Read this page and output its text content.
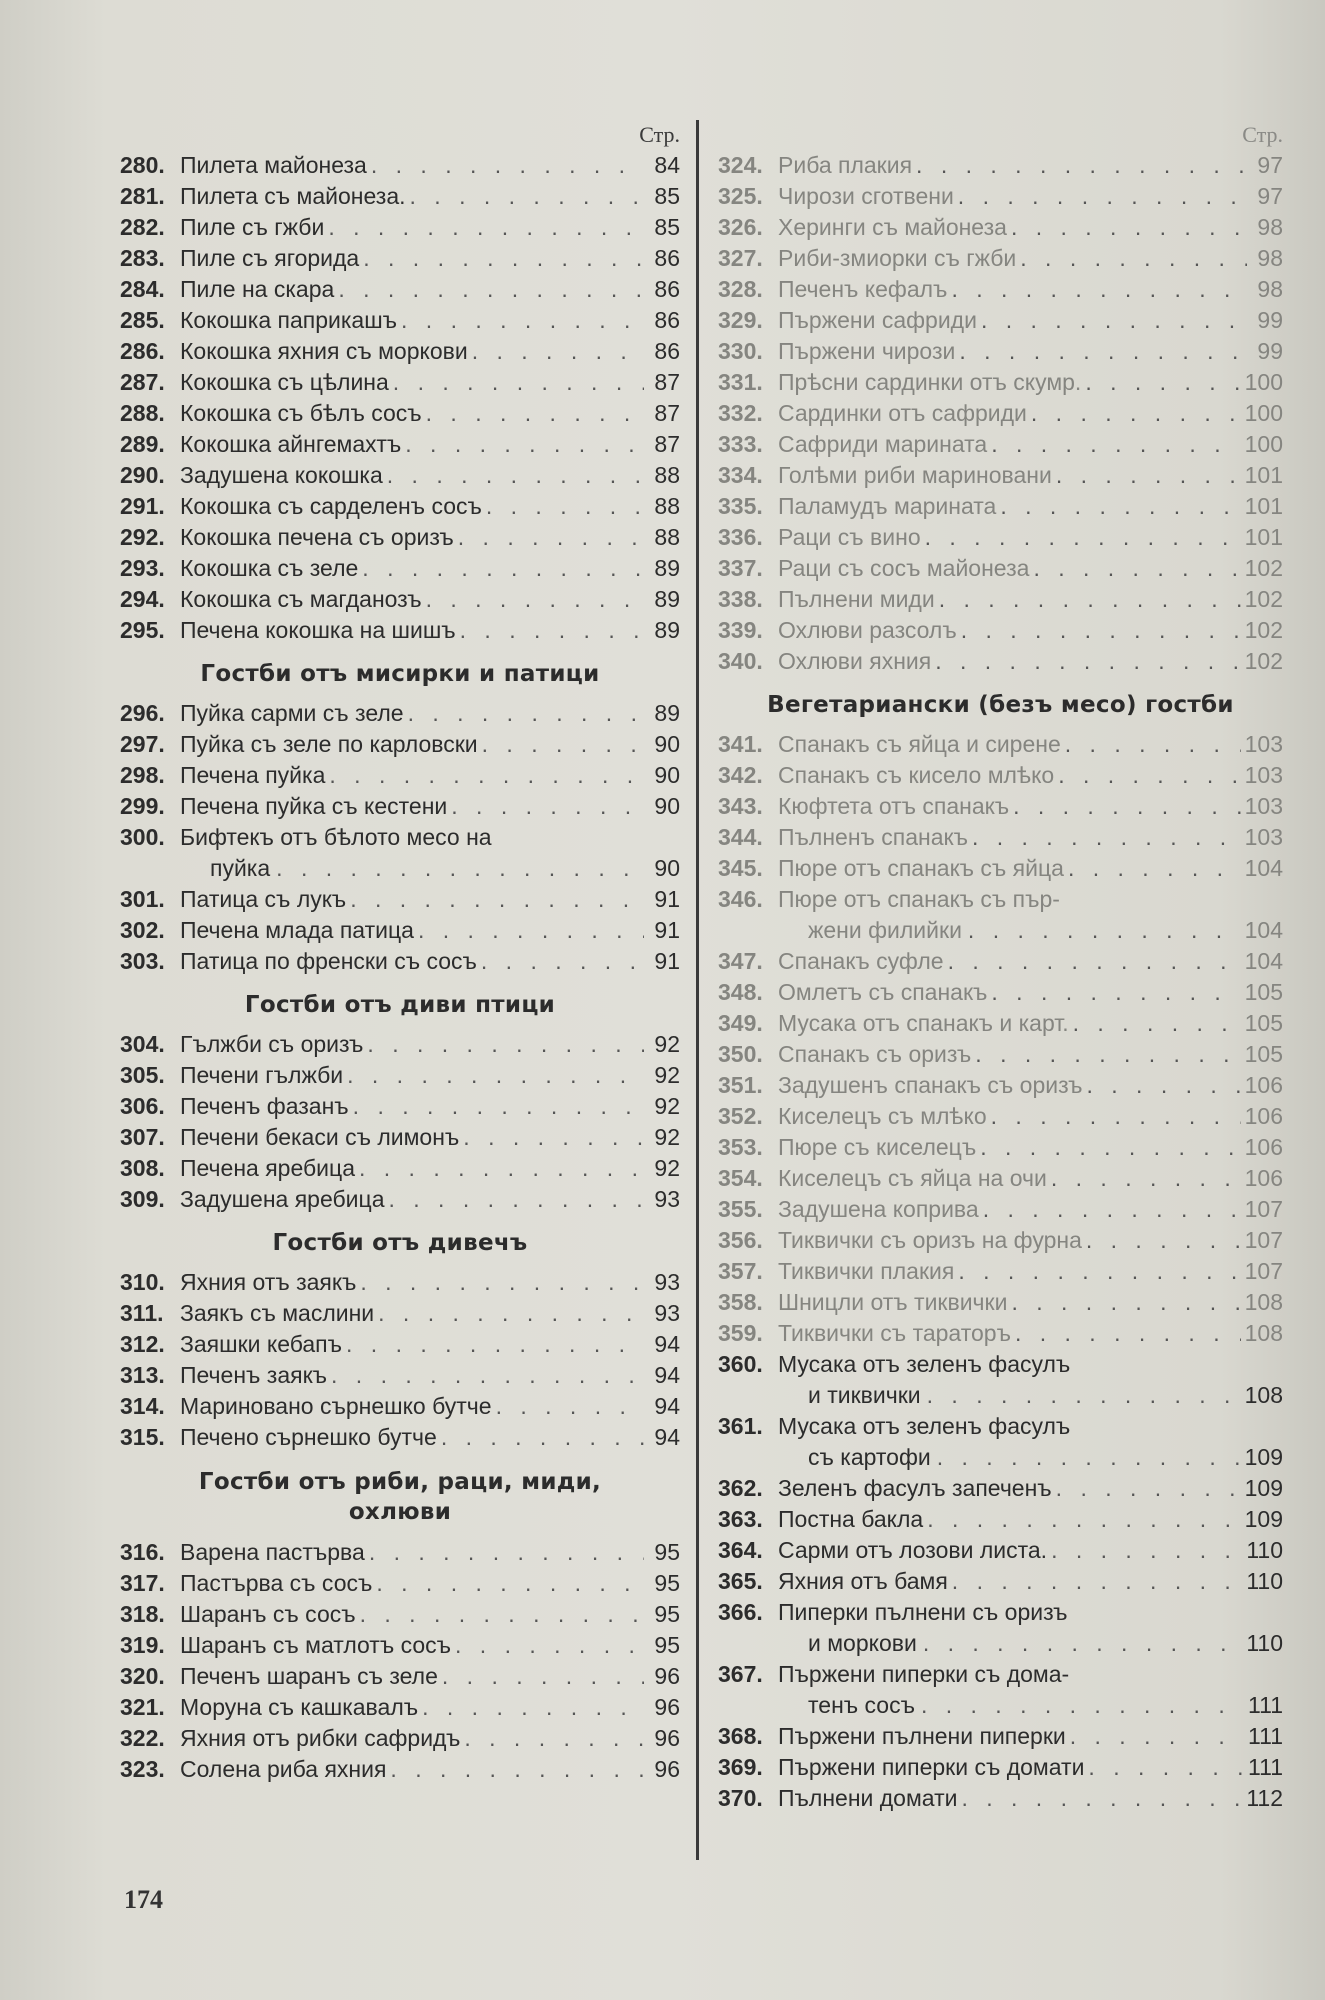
Стр.
280. Пилета майонеза . . .	84
281. Пилета съ майонеза. . . .	85
282. Пиле съ гжби . . .	85
283. Пиле съ ягорида . . .	86
284. Пиле на скара . . .	86
285. Кокошка паприкашъ . . .	86
286. Кокошка яхния съ моркови . . .	86
287. Кокошка съ цѣлина . . .	87
288. Кокошка съ бѣлъ сосъ . . .	87
289. Кокошка айнгемахтъ . . .	87
290. Задушена кокошка . . .	88
291. Кокошка съ сарделенъ сосъ . . .	88
292. Кокошка печена съ оризъ . . .	88
293. Кокошка съ зеле . . .	89
294. Кокошка съ магданозъ . . .	89
295. Печена кокошка на шишъ . . .	89
Гостби отъ мисирки и патици
296. Пуйка сарми съ зеле . . .	89
297. Пуйка съ зеле по карловски . . .	90
298. Печена пуйка . . .	90
299. Печена пуйка съ кестени . . .	90
300. Бифтекъ отъ бѣлото месо на
пуйка . . .	90
301. Патица съ лукъ . . .	91
302. Печена млада патица . . .	91
303. Патица по френски съ сосъ . . .	91
Гостби отъ диви птици
304. Гължби съ оризъ . . .	92
305. Печени гължби . . .	92
306. Печенъ фазанъ . . .	92
307. Печени бекаси съ лимонъ . . .	92
308. Печена яребица . . .	92
309. Задушена яребица . . .	93
Гостби отъ дивечъ
310. Яхния отъ заякъ . . .	93
311. Заякъ съ маслини . . .	93
312. Заяшки кебапъ . . .	94
313. Печенъ заякъ . . .	94
314. Мариновано сърнешко бутче . . .	94
315. Печено сърнешко бутче . . .	94
Гостби отъ риби, раци, миди,
охлюви
316. Варена пастърва . . .	95
317. Пастърва съ сосъ . . .	95
318. Шаранъ съ сосъ . . .	95
319. Шаранъ съ матлотъ сосъ . . .	95
320. Печенъ шаранъ съ зеле . . .	96
321. Моруна съ кашкавалъ . . .	96
322. Яхния отъ рибки сафридъ . . .	96
323. Солена риба яхния . . .	96
Стр.
324. Риба плакия . . .	97
325. Чирози сготвени . . .	97
326. Херинги съ майонеза . . .	98
327. Риби-змиорки съ гжби . . .	98
328. Печенъ кефалъ . . .	98
329. Пържени сафриди . . .	99
330. Пържени чирози . . .	99
331. Прѣсни сардинки отъ скумр. . . .	100
332. Сардинки отъ сафриди . . .	100
333. Сафриди марината . . .	100
334. Голѣми риби мариновани . . .	101
335. Паламудъ марината . . .	101
336. Раци съ вино . . .	101
337. Раци съ сосъ майонеза . . .	102
338. Пълнени миди . . .	102
339. Охлюви разсолъ . . .	102
340. Охлюви яхния . . .	102
Вегетариански (безъ месо) гостби
341. Спанакъ съ яйца и сирене . . .	103
342. Спанакъ съ кисело млѣко . . .	103
343. Кюфтета отъ спанакъ . . .	103
344. Пълненъ спанакъ . . .	103
345. Пюре отъ спанакъ съ яйца . . .	104
346. Пюре отъ спанакъ съ пър-
жени филийки . . .	104
347. Спанакъ суфле . . .	104
348. Омлетъ съ спанакъ . . .	105
349. Мусака отъ спанакъ и карт. . . .	105
350. Спанакъ съ оризъ . . .	105
351. Задушенъ спанакъ съ оризъ . . .	106
352. Киселецъ съ млѣко . . .	106
353. Пюре съ киселецъ . . .	106
354. Киселецъ съ яйца на очи . . .	106
355. Задушена коприва . . .	107
356. Тиквички съ оризъ на фурна . . .	107
357. Тиквички плакия . . .	107
358. Шницли отъ тиквички . . .	108
359. Тиквички съ тараторъ . . .	108
360. Мусака отъ зеленъ фасулъ
и тиквички . . .	108
361. Мусака отъ зеленъ фасулъ
съ картофи . . .	109
362. Зеленъ фасулъ запеченъ . . .	109
363. Постна бакла . . .	109
364. Сарми отъ лозови листа. . . .	110
365. Яхния отъ бамя . . .	110
366. Пиперки пълнени съ оризъ
и моркови . . .	110
367. Пържени пиперки съ дома-
тенъ сосъ . . .	111
368. Пържени пълнени пиперки . . .	111
369. Пържени пиперки съ домати . . .	111
370. Пълнени домати . . .	112
174
